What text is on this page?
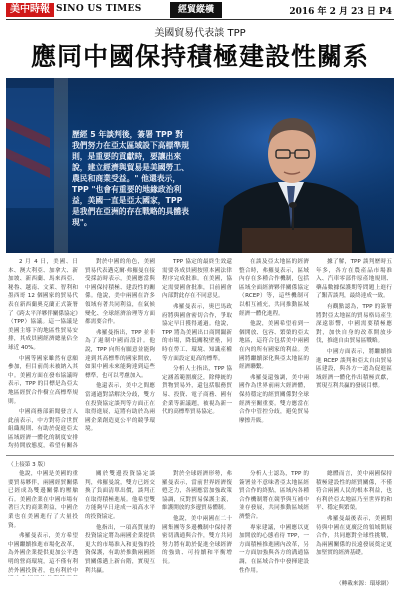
美中時報 SINO US TIMES	經貿縱橫	2016 年 2 月 23 日 P4
美國貿易代表談 TPP
應同中國保持積極建設性關系
歷經 5 年談判後，簽署 TPP 對我們努力在亞太區域設下高標準規則，是重要的貢獻時，要讓出來說，建立經濟與貿易是美國勞工、農民和商業受益。" 他還表示，TPP "也會有重要的地緣政治利益，美國一直是亞太國家，TPP 是我們在亞洲的存在戰略的具體表現"。

2 月 4 日，美國、日本、澳大利亞、加拿大、新加坡、新西蘭、馬來西亞、秘魯、越南、文萊、智利和墨西哥 12 個國家的貿易代表在新西蘭奧克蘭正式簽署了《跨太平洋夥伴關係協定》（TPP）協議。這一協議是美國主導下的地區性貿易安排，其成員國經濟總量佔全球近 40%。

中國等國家雖然有意願參加，但目前尚未被納入其中。美國方面在發布協議時表示，TPP 的目標是為亞太地區經貿合作樹立高標準規則。

中國商務部新聞發言人此前表示，中方對符合世貿組織規則、有助於促進亞太區域經濟一體化的制度安排均持開放態度，希望有關各

對於中國的角色，美國貿易代表邁克爾·弗羅曼在接受採訪時表示，美國應當與中國保持積極、建設性的關係。他說，美中兩國在許多領域有著共同利益，在氣候變化、全球經濟治理等方面都需要合作。

弗羅曼指出，TPP 並非為了遏制中國而設計。他說，TPP 向所有願意並能夠達到其高標準的國家開放，如果中國未來能夠達到這些標準，也可以考慮加入。

他還表示，美中之間應當通過對話解決分歧，雙方在投資協定談判等方面正在取得進展，這將有助於為兩國企業創造更公平的競爭環境。

TPP 協定的最終生效還需要各成員國按照本國法律程序完成批准。在美國，協定需要國會批准，目前國會內部對此存在不同意見。

弗羅曼表示，奧巴馬政府將與國會密切合作，爭取協定早日獲得通過。他說，TPP 將為美國出口商開闢新的市場，降低關稅壁壘，同時在勞工、環境、知識產權等方面設定更高的標準。

分析人士指出，TPP 協定涵蓋範圍廣泛，除傳統的貨物貿易外，還包括服務貿易、投資、電子商務、國有企業等新議題，被視為新一代的高標準貿易協定。

在談及亞太地區的經濟整合時，弗羅曼表示，區域內存在多種合作機制，包括區域全面經濟夥伴關係協定（RCEP）等，這些機制可以相互補充，共同推動區域經濟一體化進程。

他說，美國希望看到一個開放、包容、繁榮的亞太地區，這符合包括美中兩國在內的所有國家的利益。美國將繼續深化與亞太地區的經濟聯繫。

弗羅曼還強調，美中兩國作為世界前兩大經濟體，保持穩定的經貿關係對全球經濟至關重要。雙方應當在合作中管控分歧，避免貿易摩擦升級。

據了解，TPP 談判歷時五年多，各方在農產品市場准入、汽車零部件原產地規則、藥品數據保護期等問題上進行了艱苦談判，最終達成一致。

有觀點認為，TPP 的簽署將對亞太地區的貿易格局產生深遠影響，中國需要積極應對，加快自身的改革開放步伐，推進自由貿易區戰略。

中國方面表示，將繼續推進 RCEP 談判和亞太自由貿易區建設，與各方一道為促進區域經濟一體化作出積極貢獻，實現互利共贏的發展目標。

（上接第 3 版）

他說，中國是美國的重要貿易夥伴，兩國經貿關係已經成為雙邊關係的壓艙石。美國企業在中國市場有著巨大的商業利益，中國企業也在美國進行了大量投資。

弗羅曼表示，美方希望中國繼續推進市場化改革，為外國企業提供更加公平透明的營商環境，這不僅有利於外國投資者，也有利於中

關於雙邊投資協定談判，弗羅曼說，雙方已經交換了負面清單出價，談判正在取得積極進展。他希望雙方能夠早日達成一項高水平的投資協定。

他指出，一項高質量的投資協定將為兩國企業提供更大的市場准入和更強的投資保護，有助於推動兩國經貿關係邁上新台階，實現互利共贏。

對於全球經濟形勢，弗羅曼表示，當前世界經濟復甦乏力，各國應當加強政策協調，反對貿易保護主義，維護開放的多邊貿易體制。

他說，美中兩國在二十國集團等多邊機制中保持著密切溝通與合作，雙方共同努力將有助於促進全球經濟的強勁、可持續和平衡增長。

分析人士認為，TPP 的簽署並不意味著亞太地區經貿合作的終點，區域內各種合作機制將在競爭與互補中並存發展，共同推動區域經濟整合。

專家建議，中國應以更加開放的心態看待 TPP，一方面積極推進國內改革，另一方面加強與各方的溝通協調，在區域合作中發揮建設性作用。

總體而言，美中兩國保持積極建設性的經貿關係，不僅符合兩國人民的根本利益，也有利於亞太地區乃至世界的和平、穩定與繁榮。

弗羅曼最後表示，美國期待與中國在更廣泛的領域開展合作，共同應對全球性挑戰，為兩國關係的長遠發展奠定更加堅實的經濟基礎。

（轉載來源：環球網）
